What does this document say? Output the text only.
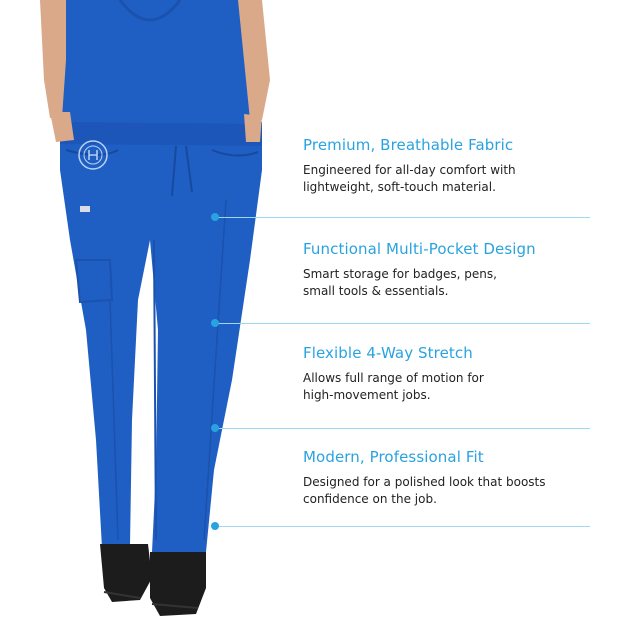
Premium, Breathable Fabric

Engineered for all-day comfort with
lightweight, soft-touch material.

Functional Multi-Pocket Design

Smart storage for badges, pens,
small tools & essentials.

Flexible 4-Way Stretch

Allows full range of motion for
high-movement jobs.

Modern, Professional Fit

Designed for a polished look that boosts
confidence on the job.
